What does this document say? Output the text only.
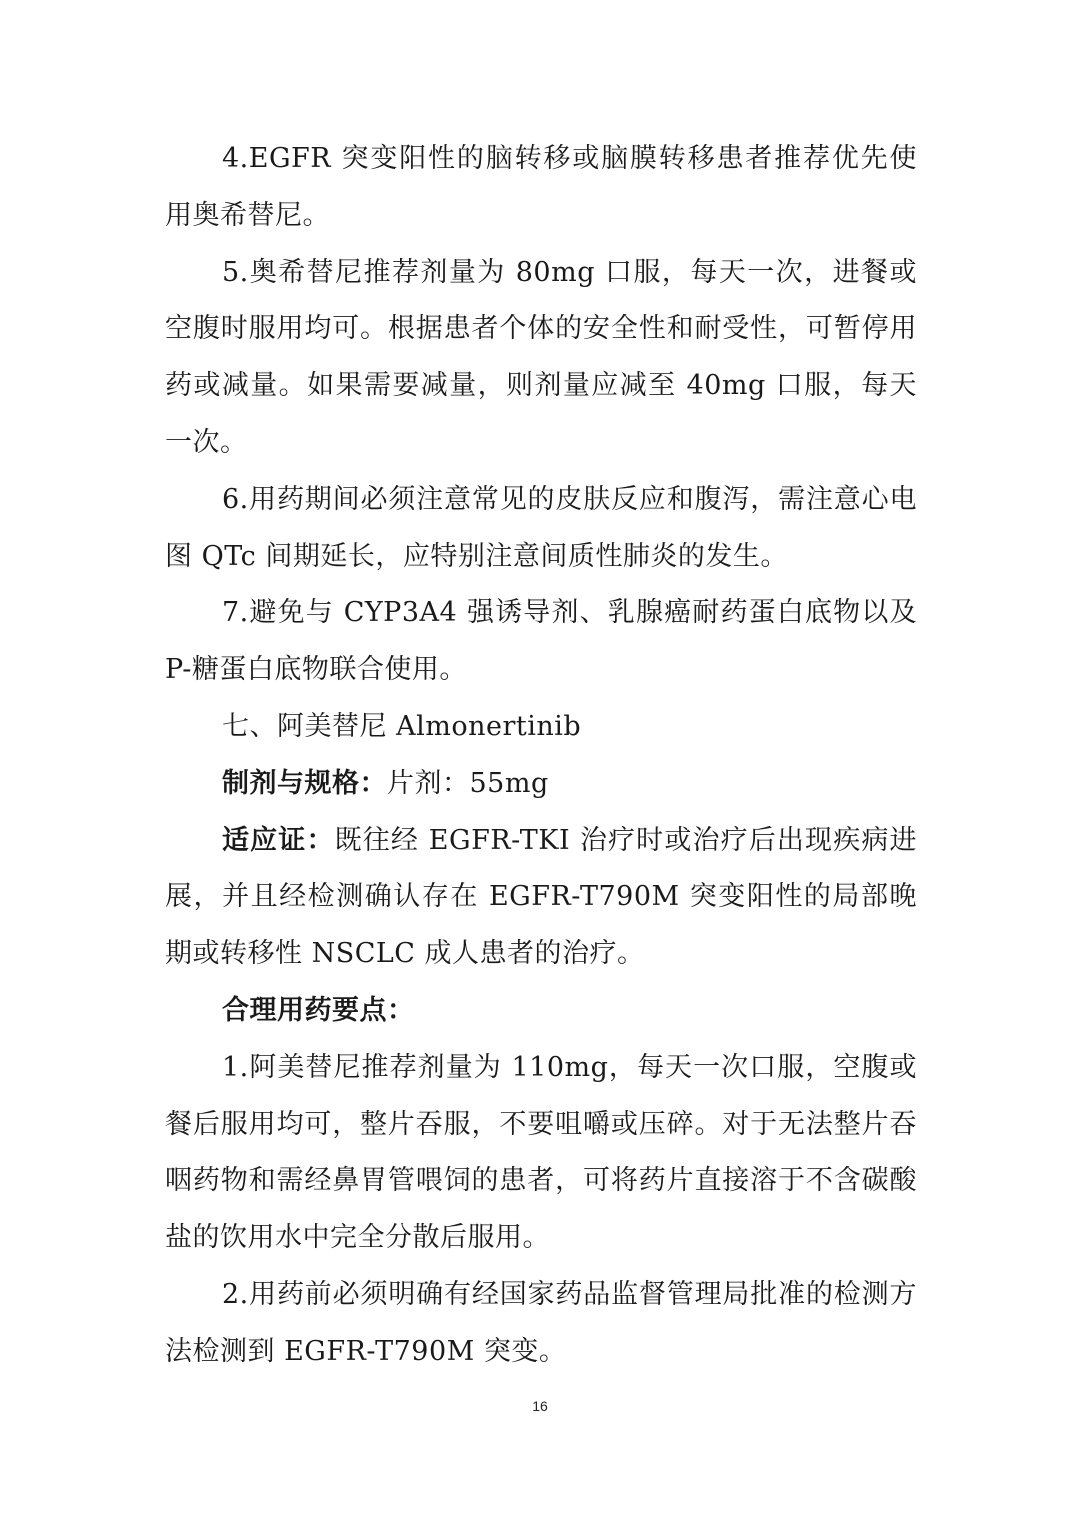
4.EGFR 突变阳性的脑转移或脑膜转移患者推荐优先使用奥希替尼。

5.奥希替尼推荐剂量为 80mg 口服，每天一次，进餐或空腹时服用均可。根据患者个体的安全性和耐受性，可暂停用药或减量。如果需要减量，则剂量应减至 40mg 口服，每天一次。

6.用药期间必须注意常见的皮肤反应和腹泻，需注意心电图 QTc 间期延长，应特别注意间质性肺炎的发生。

7.避免与 CYP3A4 强诱导剂、乳腺癌耐药蛋白底物以及P-糖蛋白底物联合使用。

七、阿美替尼 Almonertinib

制剂与规格：片剂：55mg

适应证：既往经 EGFR-TKI 治疗时或治疗后出现疾病进展，并且经检测确认存在 EGFR-T790M 突变阳性的局部晚期或转移性 NSCLC 成人患者的治疗。

合理用药要点：

1.阿美替尼推荐剂量为 110mg，每天一次口服，空腹或餐后服用均可，整片吞服，不要咀嚼或压碎。对于无法整片吞咽药物和需经鼻胃管喂饲的患者，可将药片直接溶于不含碳酸盐的饮用水中完全分散后服用。

2.用药前必须明确有经国家药品监督管理局批准的检测方法检测到 EGFR-T790M 突变。

16
